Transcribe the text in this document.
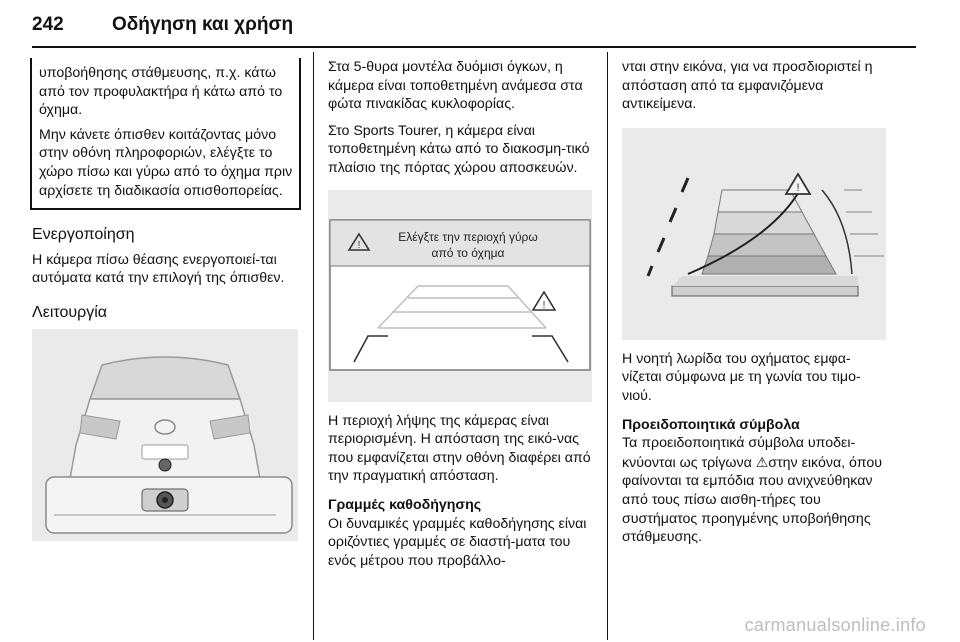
242	Οδήγηση και χρήση

υποβοήθησης στάθμευσης, π.χ. κάτω από τον προφυλακτήρα ή κάτω από το όχημα.

Μην κάνετε όπισθεν κοιτάζοντας μόνο στην οθόνη πληροφοριών, ελέγξτε το χώρο πίσω και γύρω από το όχημα πριν αρχίσετε τη διαδικασία οπισθοπορείας.

Ενεργοποίηση

Η κάμερα πίσω θέασης ενεργοποιεί-ται αυτόματα κατά την επιλογή της όπισθεν.

Λειτουργία

Στα 5-θυρα μοντέλα δυόμισι όγκων, η κάμερα είναι τοποθετημένη ανάμεσα στα φώτα πινακίδας κυκλοφορίας.

Στο Sports Tourer, η κάμερα είναι τοποθετημένη κάτω από το διακοσμη-τικό πλαίσιο της πόρτας χώρου αποσκευών.

!
Ελέγξτε την περιοχή γύρω
από το όχημα
!

Η περιοχή λήψης της κάμερας είναι περιορισμένη. Η απόσταση της εικό-νας που εμφανίζεται στην οθόνη διαφέρει από την πραγματική απόσταση.

Γραμμές καθοδήγησης

Οι δυναμικές γραμμές καθοδήγησης είναι οριζόντιες γραμμές σε διαστή-ματα του ενός μέτρου που προβάλλο-

νται στην εικόνα, για να προσδιοριστεί η απόσταση από τα εμφανιζόμενα αντικείμενα.

!

Η νοητή λωρίδα του οχήματος εμφα-νίζεται σύμφωνα με τη γωνία του τιμο-νιού.

Προειδοποιητικά σύμβολα

Τα προειδοποιητικά σύμβολα υποδει-κνύονται ως τρίγωνα ⚠στην εικόνα, όπου φαίνονται τα εμπόδια που ανιχνεύθηκαν από τους πίσω αισθη-τήρες του συστήματος προηγμένης υποβοήθησης στάθμευσης.

carmanualsonline.info
